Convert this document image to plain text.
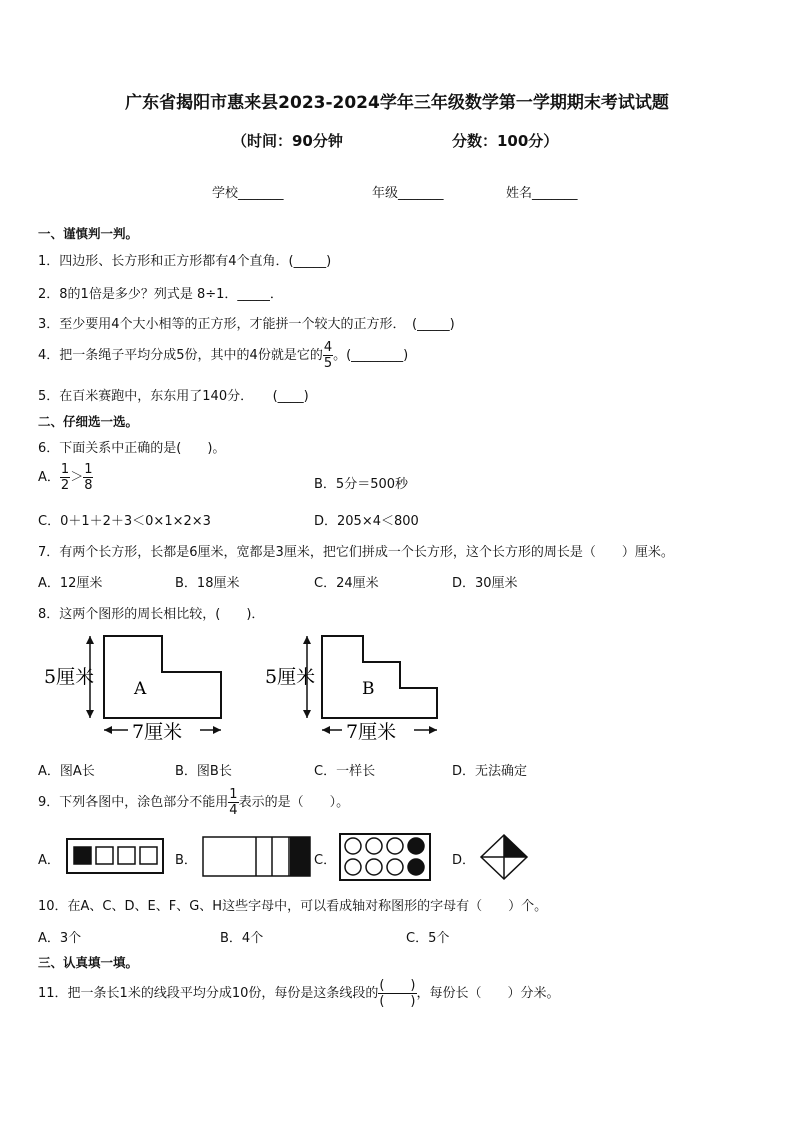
广东省揭阳市惠来县2023-2024学年三年级数学第一学期期末考试试题
（时间：90分钟	分数：100分）
学校_______	年级_______	姓名_______
一、谨慎判一判。
1．四边形、长方形和正方形都有4个直角．(_____)
2．8的1倍是多少？列式是 8÷1．_____．
3．至少要用4个大小相等的正方形，才能拼一个较大的正方形．　(_____)
4．把一条绳子平均分成5份，其中的4份就是它的 $\frac{4}{5}$ 。(________)
5．在百米赛跑中，东东用了140分．　　(____)
二、仔细选一选。
6．下面关系中正确的是(　　)。
A． $\frac{1}{2} > \frac{1}{8}$	B．5分＝500秒
C．0＋1＋2＋3＜0×1×2×3	D．205×4＜800
7．有两个长方形，长都是6厘米，宽都是3厘米，把它们拼成一个长方形，这个长方形的周长是（　　）厘米。
A．12厘米	B．18厘米	C．24厘米	D．30厘米
8．这两个图形的周长相比较，(　　)．
5厘米
A
7厘米
5厘米
B
7厘米
A．图A长	B．图B长	C．一样长	D．无法确定
9．下列各图中，涂色部分不能用 $\frac{1}{4}$ 表示的是（　　）。
A．	B．	C．	D．
10．在A、C、D、E、F、G、H这些字母中，可以看成轴对称图形的字母有（　　）个。
A．3个	B．4个	C．5个
三、认真填一填。
11．把一条长1米的线段平均分成10份，每份是这条线段的 $\frac{( )}{( )}$ ，每份长（　　）分米。
